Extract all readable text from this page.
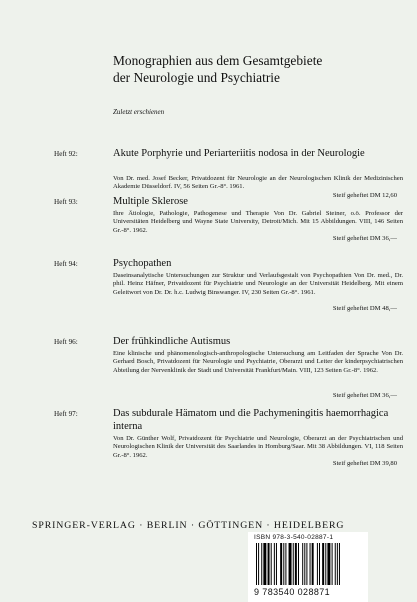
Monographien aus dem Gesamtgebiete
der Neurologie und Psychiatrie
Zuletzt erschienen
Heft 92:	Akute Porphyrie und Periarteriitis nodosa in der Neurologie
Von Dr. med. Josef Becker, Privatdozent für Neurologie an der Neurologischen Klinik der Medizinischen Akademie Düsseldorf. IV, 56 Seiten Gr.-8°. 1961.
Steif geheftet DM 12,60
Heft 93:	Multiple Sklerose
Ihre Ätiologie, Pathologie, Pathogenese und Therapie Von Dr. Gabriel Steiner, o.ö. Professor der Universitäten Heidelberg und Wayne State University, Detroit/Mich. Mit 15 Abbildungen. VIII, 146 Seiten Gr.-8°. 1962.
Steif geheftet DM 36,—
Heft 94:	Psychopathen
Daseinsanalytische Untersuchungen zur Struktur und Verlaufsgestalt von Psychopathien Von Dr. med., Dr. phil. Heinz Häfner, Privatdozent für Psychiatrie und Neurologie an der Universität Heidelberg. Mit einem Geleitwort von Dr. Dr. h.c. Ludwig Binswanger. IV, 230 Seiten Gr.-8°. 1961.
Steif geheftet DM 48,—
Heft 96:	Der frühkindliche Autismus
Eine klinische und phänomenologisch-anthropologische Untersuchung am Leitfaden der Sprache Von Dr. Gerhard Bosch, Privatdozent für Neurologie und Psychiatrie, Oberarzt und Leiter der kinderpsychiatrischen Abteilung der Nervenklinik der Stadt und Universität Frankfurt/Main. VIII, 123 Seiten Gr.-8°. 1962.
Steif geheftet DM 36,—
Heft 97:	Das subdurale Hämatom und die Pachymeningitis haemorrhagica interna
Von Dr. Günther Wolf, Privatdozent für Psychiatrie und Neurologie, Oberarzt an der Psychiatrischen und Neurologischen Klinik der Universität des Saarlandes in Homburg/Saar. Mit 38 Abbildungen. VI, 118 Seiten Gr.-8°. 1962.
Steif geheftet DM 39,80
SPRINGER-VERLAG · BERLIN · GÖTTINGEN · HEIDELBERG
ISBN 978-3-540-02887-1
9 783540 028871
